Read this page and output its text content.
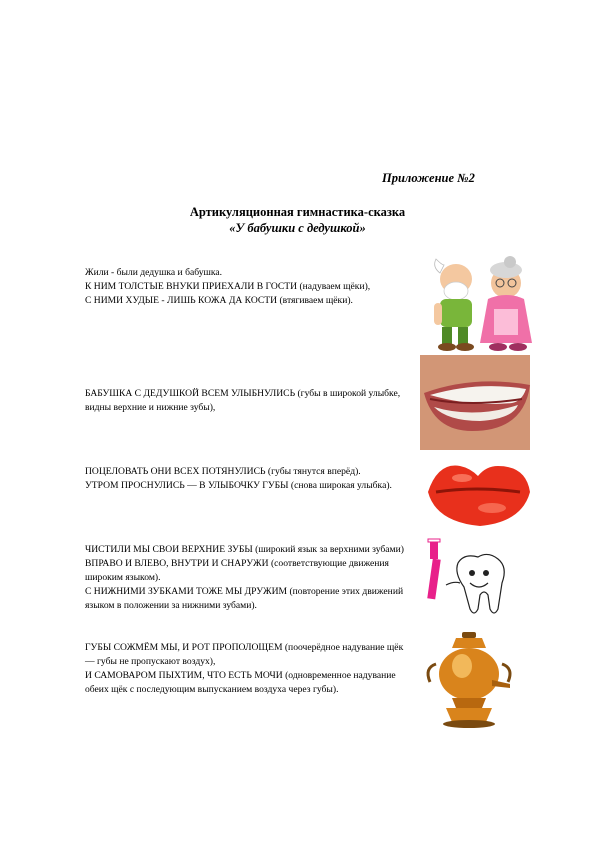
Приложение №2
Артикуляционная гимнастика-сказка
«У бабушки с дедушкой»

Жили - были дедушка и бабушка.

К НИМ ТОЛСТЫЕ ВНУКИ ПРИЕХАЛИ В ГОСТИ (надуваем щёки),

С НИМИ ХУДЫЕ - ЛИШЬ КОЖА ДА КОСТИ (втягиваем щёки).

БАБУШКА С ДЕДУШКОЙ ВСЕМ УЛЫБНУЛИСЬ (губы в широкой улыбке, видны верхние и нижние зубы),

ПОЦЕЛОВАТЬ ОНИ ВСЕХ ПОТЯНУЛИСЬ (губы тянутся вперёд).

УТРОМ ПРОСНУЛИСЬ — В УЛЫБОЧКУ ГУБЫ (снова широкая улыбка).

ЧИСТИЛИ МЫ СВОИ ВЕРХНИЕ ЗУБЫ (широкий язык за верхними зубами)

ВПРАВО И ВЛЕВО, ВНУТРИ И СНАРУЖИ (соответствующие движения широким языком).

С НИЖНИМИ ЗУБКАМИ ТОЖЕ МЫ ДРУЖИМ (повторение этих движений языком в положении за нижними зубами).

ГУБЫ СОЖМЁМ МЫ, И РОТ ПРОПОЛОЩЕМ (поочерёдное надувание щёк — губы не пропускают воздух),

И САМОВАРОМ ПЫХТИМ, ЧТО ЕСТЬ МОЧИ (одновременное надувание обеих щёк с последующим выпусканием воздуха через губы).
